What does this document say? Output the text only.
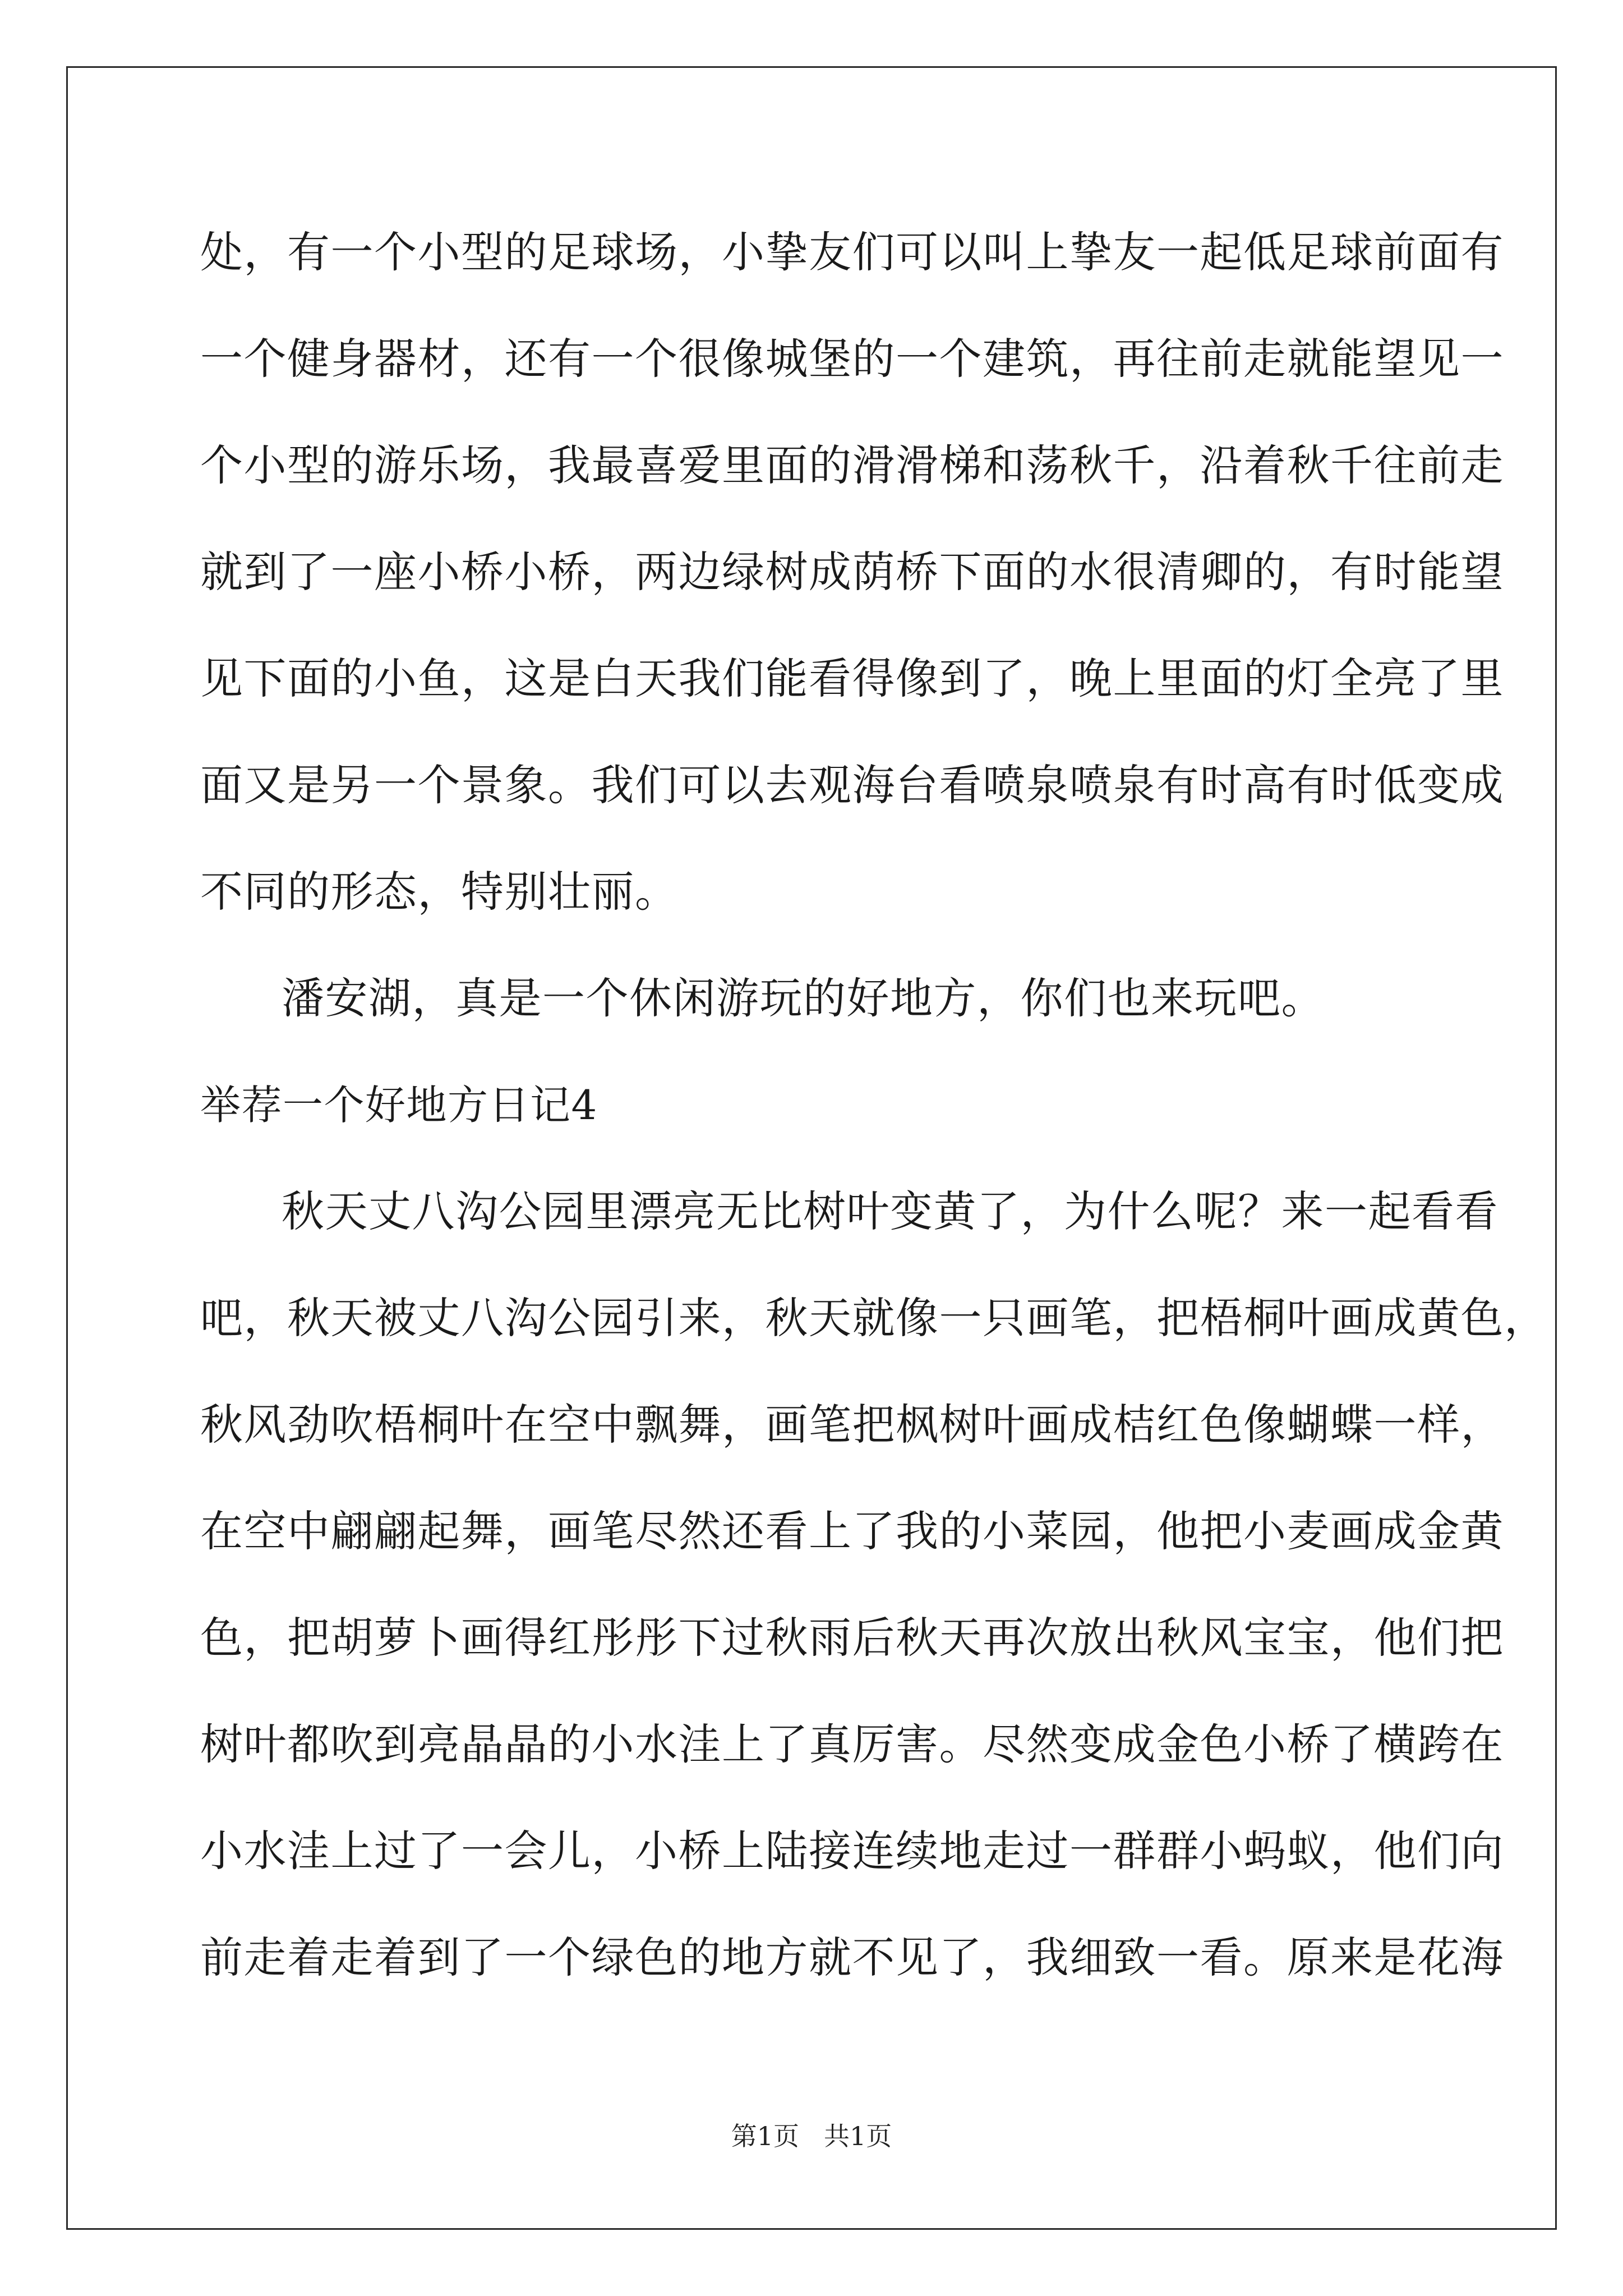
处，有一个小型的足球场，小挚友们可以叫上挚友一起低足球前面有
一个健身器材，还有一个很像城堡的一个建筑，再往前走就能望见一
个小型的游乐场，我最喜爱里面的滑滑梯和荡秋千，沿着秋千往前走
就到了一座小桥小桥，两边绿树成荫桥下面的水很清卿的，有时能望
见下面的小鱼，这是白天我们能看得像到了，晚上里面的灯全亮了里
面又是另一个景象。我们可以去观海台看喷泉喷泉有时高有时低变成
不同的形态，特别壮丽。
潘安湖，真是一个休闲游玩的好地方，你们也来玩吧。
举荐一个好地方日记4
秋天丈八沟公园里漂亮无比树叶变黄了，为什么呢？来一起看看
吧，秋天被丈八沟公园引来，秋天就像一只画笔，把梧桐叶画成黄色，
秋风劲吹梧桐叶在空中飘舞，画笔把枫树叶画成桔红色像蝴蝶一样，
在空中翩翩起舞，画笔尽然还看上了我的小菜园，他把小麦画成金黄
色，把胡萝卜画得红彤彤下过秋雨后秋天再次放出秋风宝宝，他们把
树叶都吹到亮晶晶的小水洼上了真厉害。尽然变成金色小桥了横跨在
小水洼上过了一会儿，小桥上陆接连续地走过一群群小蚂蚁，他们向
前走着走着到了一个绿色的地方就不见了，我细致一看。原来是花海
第1页 共1页
